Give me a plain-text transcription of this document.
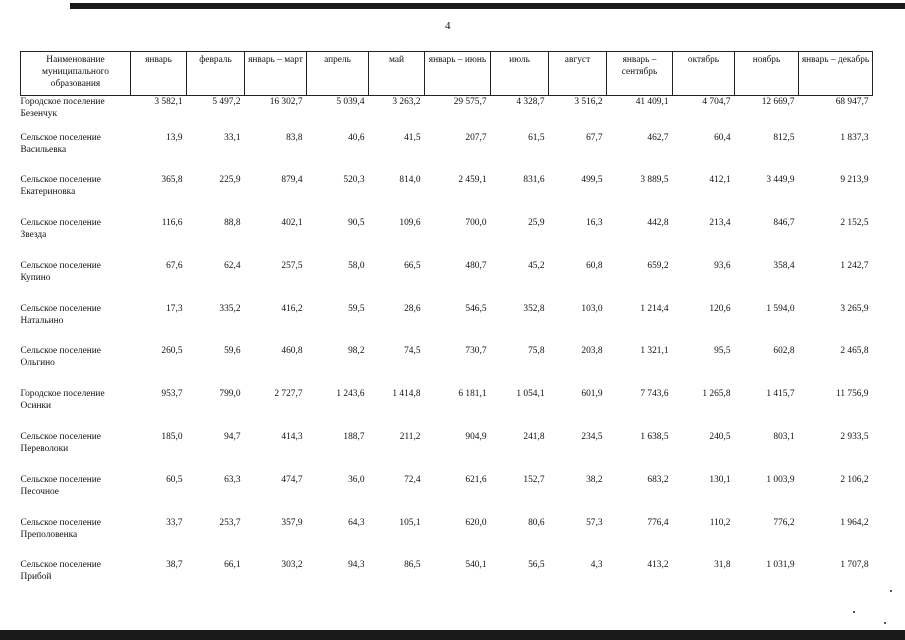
4
Наименование муниципального образования	январь	февраль	январь – март	апрель	май	январь – июнь	июль	август	январь – сентябрь	октябрь	ноябрь	январь – декабрь
Городское поселение Безенчук	3 582,1	5 497,2	16 302,7	5 039,4	3 263,2	29 575,7	4 328,7	3 516,2	41 409,1	4 704,7	12 669,7	68 947,7
Сельское поселение Васильевка	13,9	33,1	83,8	40,6	41,5	207,7	61,5	67,7	462,7	60,4	812,5	1 837,3
Сельское поселение Екатериновка	365,8	225,9	879,4	520,3	814,0	2 459,1	831,6	499,5	3 889,5	412,1	3 449,9	9 213,9
Сельское поселение Звезда	116,6	88,8	402,1	90,5	109,6	700,0	25,9	16,3	442,8	213,4	846,7	2 152,5
Сельское поселение Купино	67,6	62,4	257,5	58,0	66,5	480,7	45,2	60,8	659,2	93,6	358,4	1 242,7
Сельское поселение Натальино	17,3	335,2	416,2	59,5	28,6	546,5	352,8	103,0	1 214,4	120,6	1 594,0	3 265,9
Сельское поселение Ольгино	260,5	59,6	460,8	98,2	74,5	730,7	75,8	203,8	1 321,1	95,5	602,8	2 465,8
Городское поселение Осинки	953,7	799,0	2 727,7	1 243,6	1 414,8	6 181,1	1 054,1	601,9	7 743,6	1 265,8	1 415,7	11 756,9
Сельское поселение Переволоки	185,0	94,7	414,3	188,7	211,2	904,9	241,8	234,5	1 638,5	240,5	803,1	2 933,5
Сельское поселение Песочное	60,5	63,3	474,7	36,0	72,4	621,6	152,7	38,2	683,2	130,1	1 003,9	2 106,2
Сельское поселение Преполовенка	33,7	253,7	357,9	64,3	105,1	620,0	80,6	57,3	776,4	110,2	776,2	1 964,2
Сельское поселение Прибой	38,7	66,1	303,2	94,3	86,5	540,1	56,5	4,3	413,2	31,8	1 031,9	1 707,8
